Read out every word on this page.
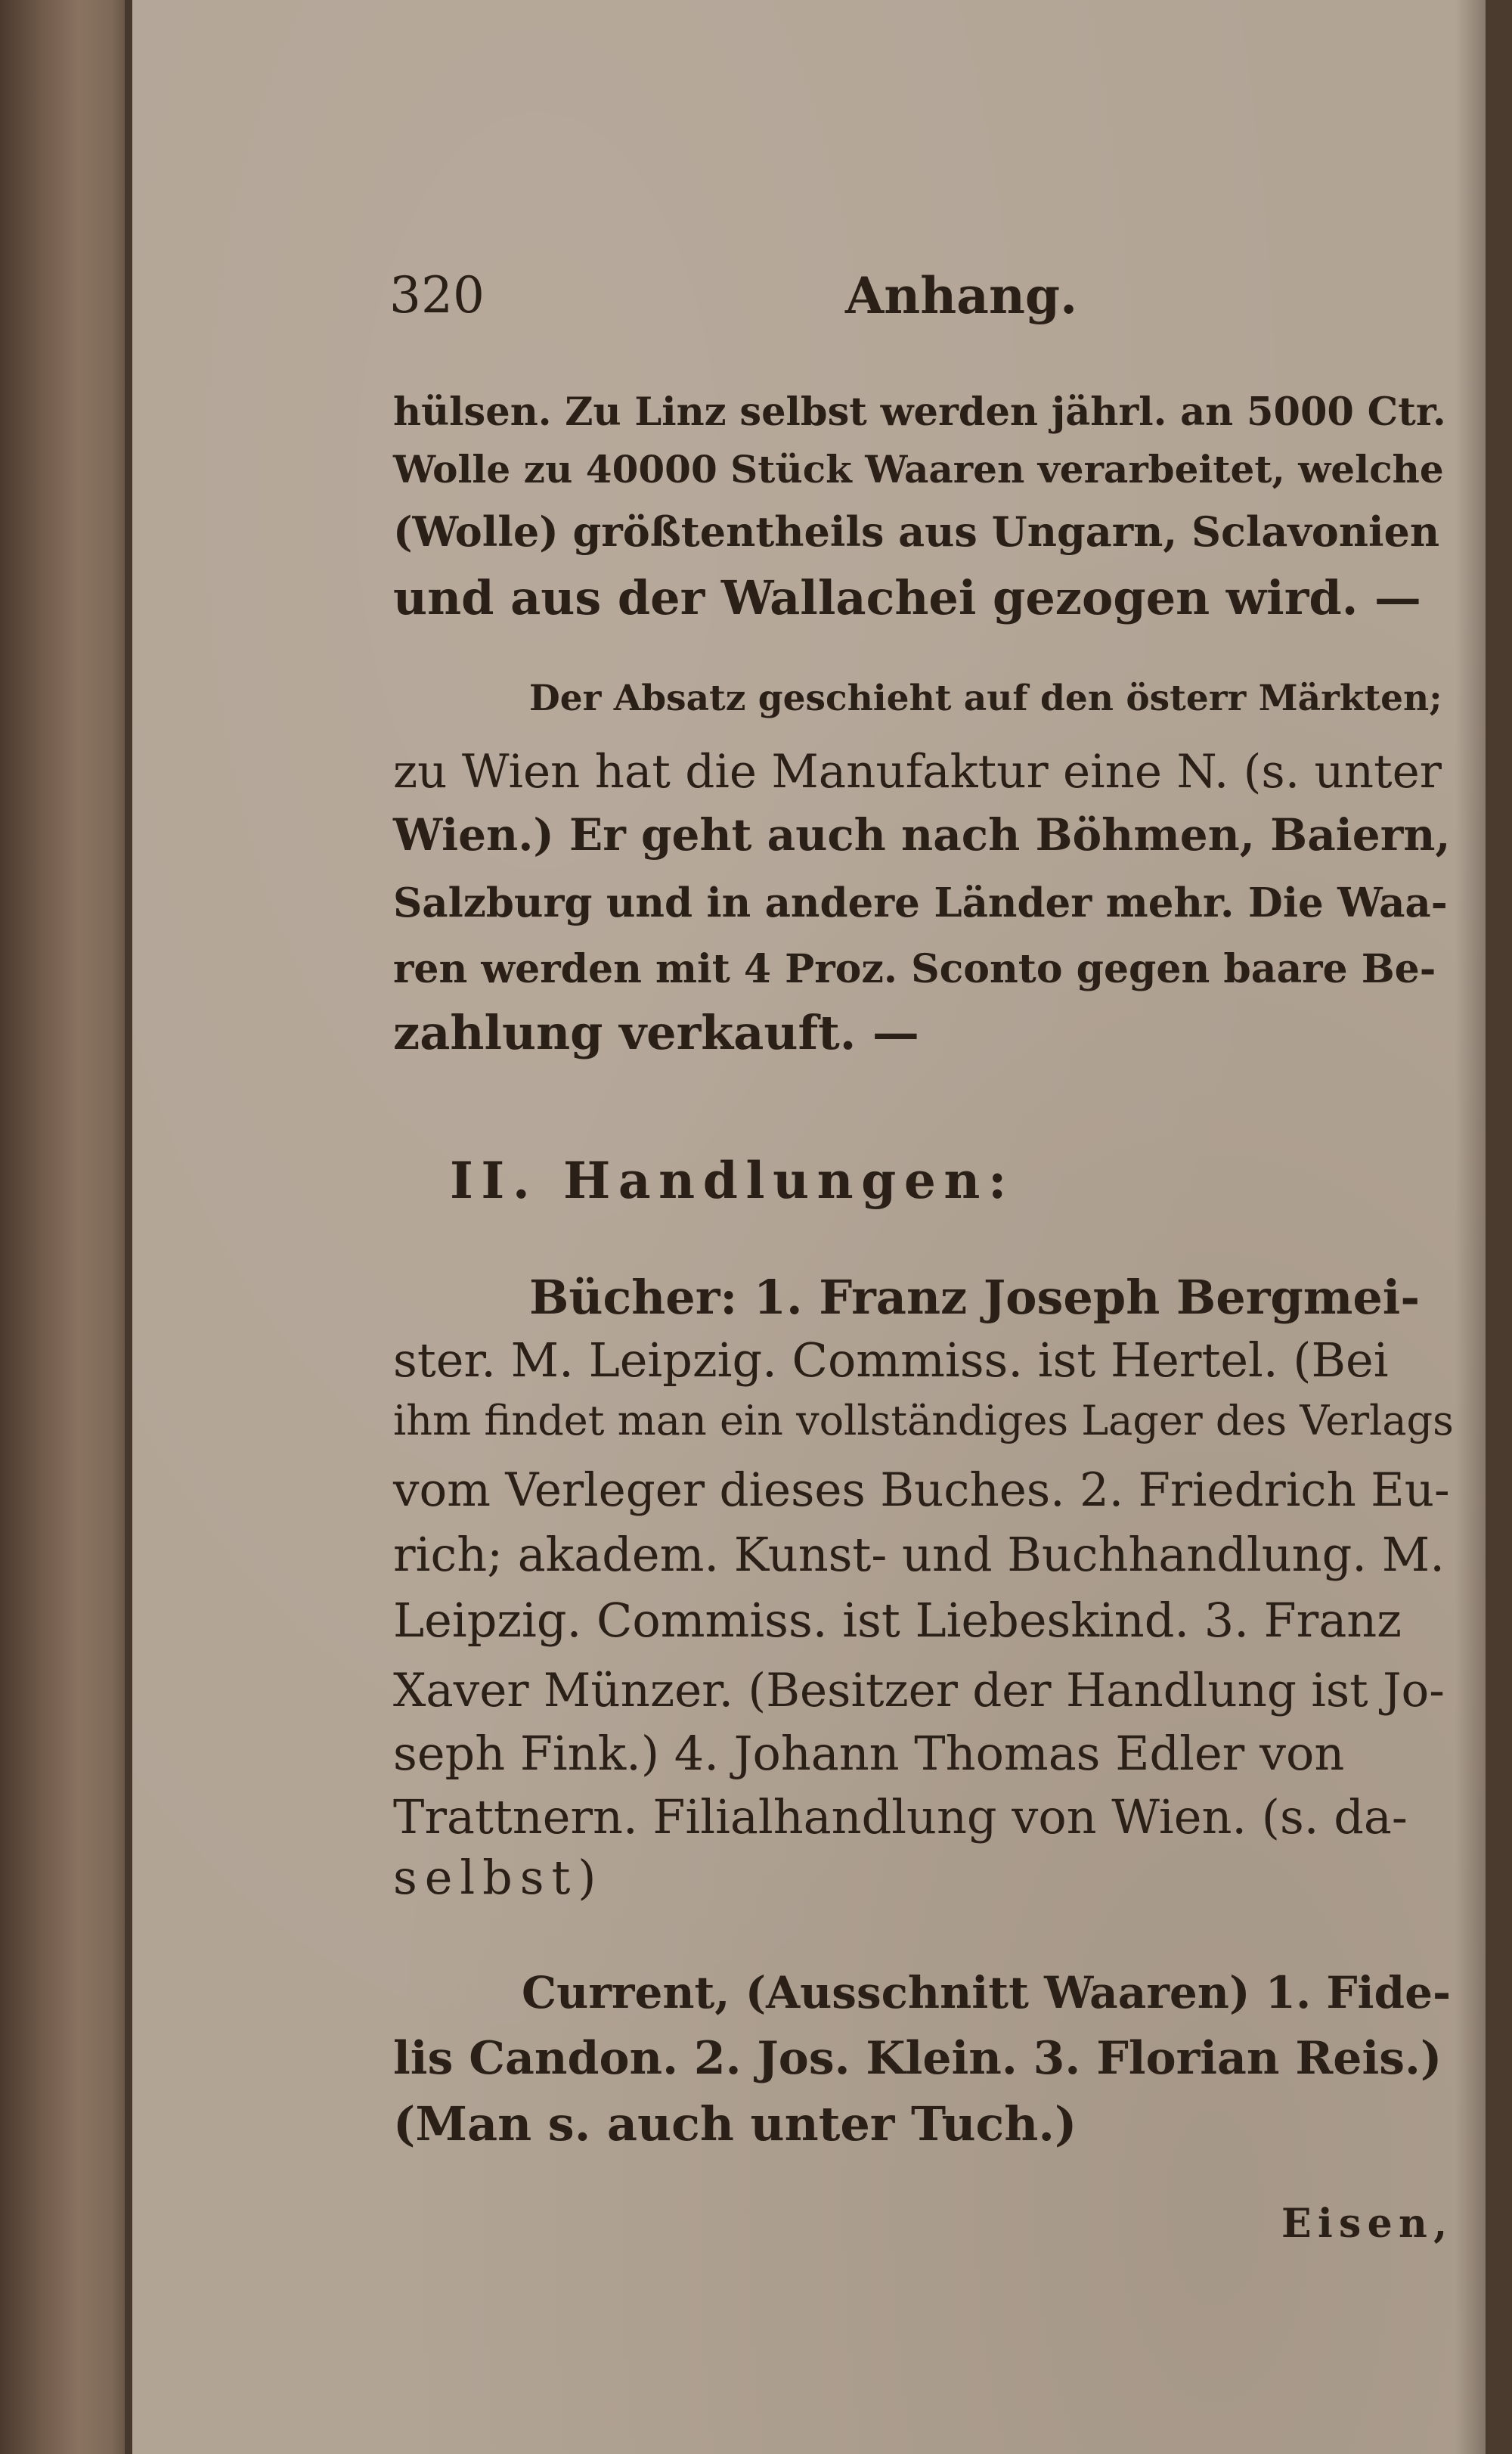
320	Anhang.
hülsen. Zu Linz selbst werden jährl. an 5000 Ctr.
Wolle zu 40000 Stück Waaren verarbeitet, welche
(Wolle) größtentheils aus Ungarn, Sclavonien
und aus der Wallachei gezogen wird. —
Der Absatz geschieht auf den österr Märkten;
zu Wien hat die Manufaktur eine N. (s. unter
Wien.) Er geht auch nach Böhmen, Baiern,
Salzburg und in andere Länder mehr. Die Waa-
ren werden mit 4 Proz. Sconto gegen baare Be-
zahlung verkauft. —
II. Handlungen:
Bücher: 1. Franz Joseph Bergmei-
ster. M. Leipzig. Commiss. ist Hertel. (Bei
ihm findet man ein vollständiges Lager des Verlags
vom Verleger dieses Buches. 2. Friedrich Eu-
rich; akadem. Kunst- und Buchhandlung. M.
Leipzig. Commiss. ist Liebeskind. 3. Franz
Xaver Münzer. (Besitzer der Handlung ist Jo-
seph Fink.) 4. Johann Thomas Edler von
Trattnern. Filialhandlung von Wien. (s. da-
selbst)
Current, (Ausschnitt Waaren) 1. Fide-
lis Candon. 2. Jos. Klein. 3. Florian Reis.)
(Man s. auch unter Tuch.)
Eisen,
